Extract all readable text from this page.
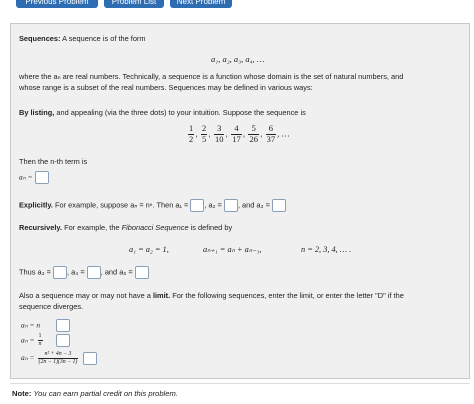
Previous Problem	Problem List	Next Problem
Sequences: A sequence is of the form
a₁, a₂, a₃, a₄, …
where the aₙ are real numbers. Technically, a sequence is a function whose domain is the set of natural numbers, and
whose range is a subset of the real numbers. Sequences may be defined in various ways:
By listing, and appealing (via the three dots) to your intuition. Suppose the sequence is
$\frac{1}{2}$ , $\frac{2}{5}$ , $\frac{3}{10}$ , $\frac{4}{17}$ , $\frac{5}{26}$ , $\frac{6}{37}$ , …
Then the n-th term is
aₙ =
Explicitly. For example, suppose aₙ = nⁿ. Then a₁ = , a₂ = , and a₃ =
Recursively. For example, the Fibonacci Sequence is defined by
a₁ = a₂ = 1,	aₙ₊₁ = aₙ + aₙ₋₁,	n = 2, 3, 4, … .
Thus a₃ = , a₄ = , and a₅ =
Also a sequence may or may not have a limit. For the following sequences, enter the limit, or enter the letter "D" if the
sequence diverges.
aₙ = n
$a_n = \frac{1}{n}$

$a_n = \frac{\text{n² + 4n − 3}}{(2n - 1)(3n - 1)}$

Note: You can earn partial credit on this problem.
